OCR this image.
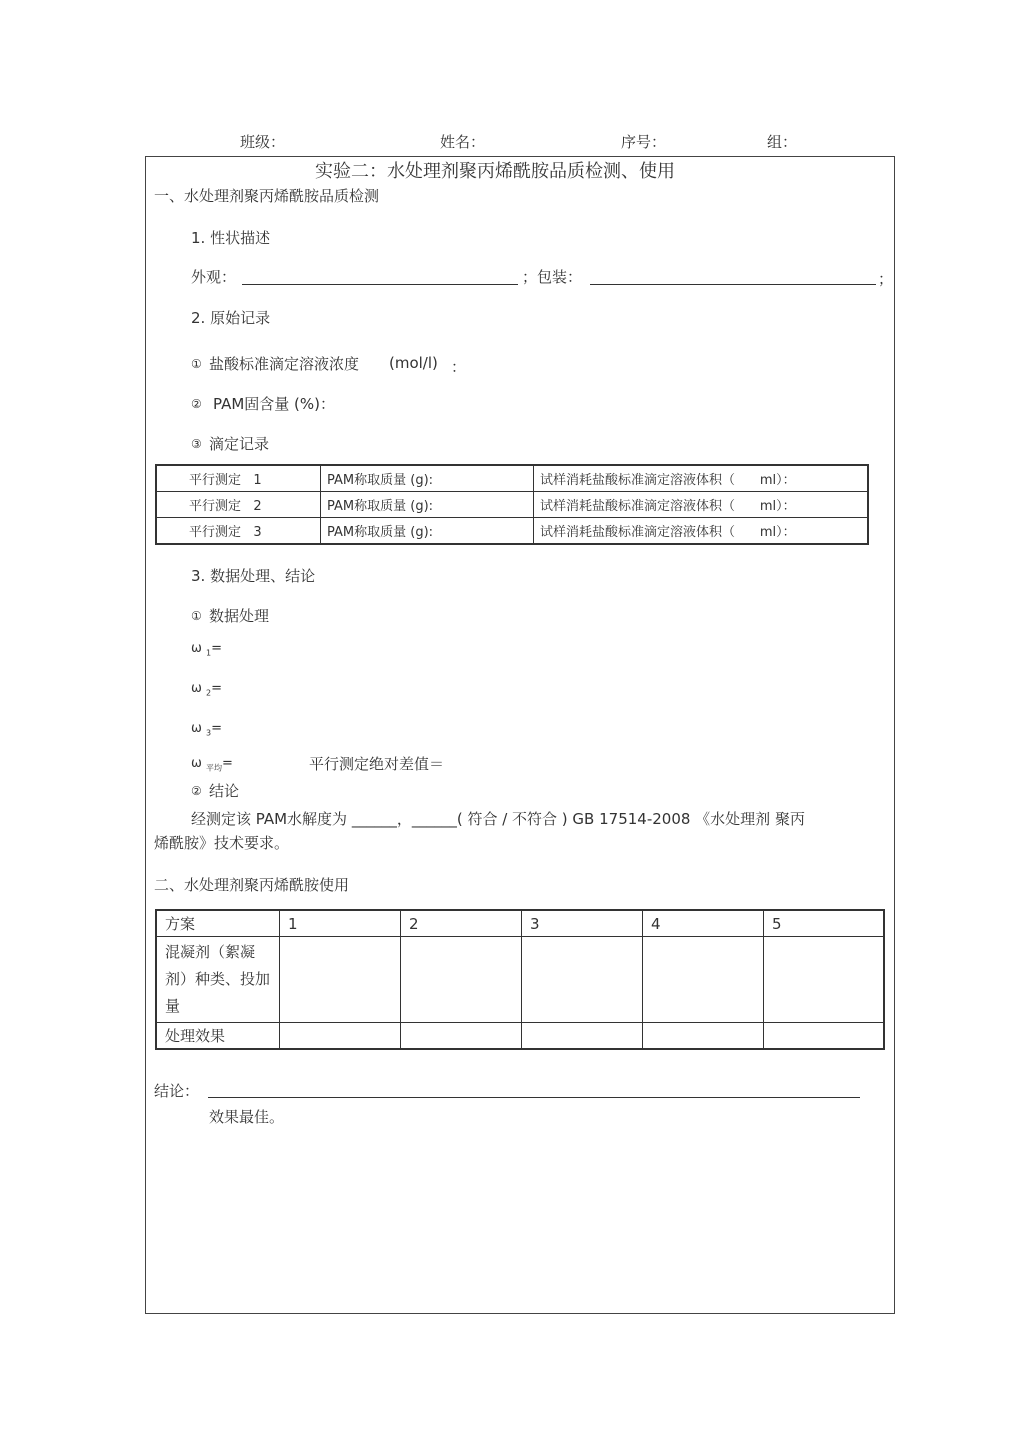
班级：	姓名：	序号：	组：
实验二：水处理剂聚丙烯酰胺品质检测、使用
一、水处理剂聚丙烯酰胺品质检测
1. 性状描述
外观：	；包装：	；
2. 原始记录
① 盐酸标准滴定溶液浓度 (mol/l) ：
② PAM固含量 (%)：
③ 滴定记录
平行测定 1	PAM称取质量 (g):	试样消耗盐酸标准滴定溶液体积（ ml）：
平行测定 2	PAM称取质量 (g):	试样消耗盐酸标准滴定溶液体积（ ml）：
平行测定 3	PAM称取质量 (g):	试样消耗盐酸标准滴定溶液体积（ ml）：
3. 数据处理、结论
① 数据处理
ω $_1$=
ω $_2$=
ω $_3$=
ω $_{平均}$=	平行测定绝对差值＝
② 结论
经测定该 PAM水解度为 ______，______( 符合 / 不符合 ) GB 17514-2008 《水处理剂 聚丙
烯酰胺》技术要求。
二、水处理剂聚丙烯酰胺使用
方案	1	2	3	4	5
混凝剂（絮凝剂）种类、投加量					
处理效果					
结论：
效果最佳。
